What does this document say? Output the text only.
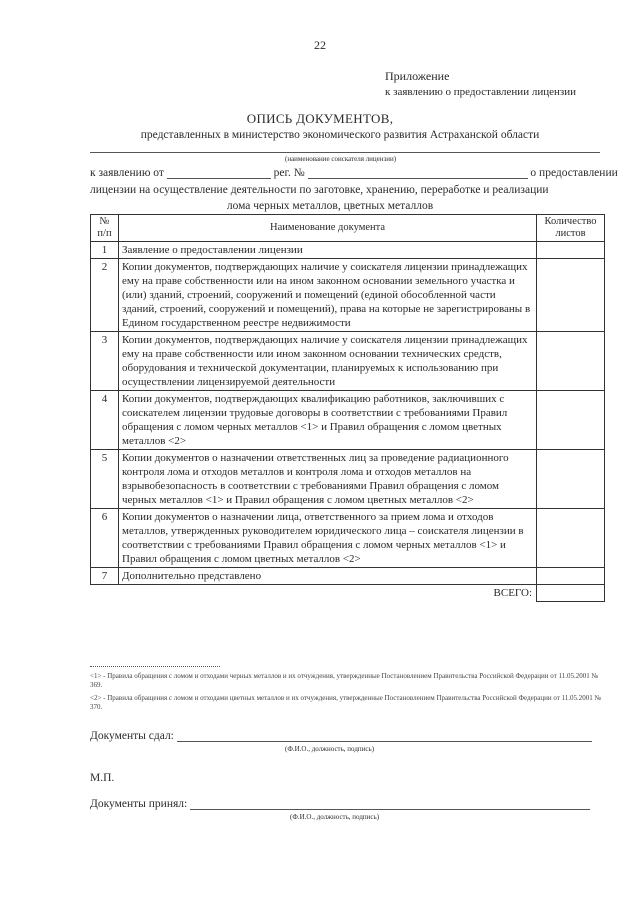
22
Приложение
к заявлению о предоставлении лицензии
ОПИСЬ ДОКУМЕНТОВ,
представленных в министерство экономического развития Астраханской области
(наименование соискателя лицензии)
к заявлению от	рег. №	о предоставлении
лицензии на осуществление деятельности по заготовке, хранению, переработке и реализации
лома черных металлов, цветных металлов
№ п/п	Наименование документа	Количество листов
1	Заявление о предоставлении лицензии	
2	Копии документов, подтверждающих наличие у соискателя лицензии принадлежащих ему на праве собственности или на ином законном основании земельного участка и (или) зданий, строений, сооружений и помещений (единой обособленной части зданий, строений, сооружений и помещений), права на которые не зарегистрированы в Едином государственном реестре недвижимости	
3	Копии документов, подтверждающих наличие у соискателя лицензии принадлежащих ему на праве собственности или ином законном основании технических средств, оборудования и технической документации, планируемых к использованию при осуществлении лицензируемой деятельности	
4	Копии документов, подтверждающих квалификацию работников, заключивших с соискателем лицензии трудовые договоры в соответствии с требованиями Правил обращения с ломом черных металлов <1> и Правил обращения с ломом цветных металлов <2>	
5	Копии документов о назначении ответственных лиц за проведение радиационного контроля лома и отходов металлов и контроля лома и отходов металлов на взрывобезопасность в соответствии с требованиями Правил обращения с ломом черных металлов <1> и Правил обращения с ломом цветных металлов <2>	
6	Копии документов о назначении лица, ответственного за прием лома и отходов металлов, утвержденных руководителем юридического лица – соискателя лицензии в соответствии с требованиями Правил обращения с ломом черных металлов <1> и Правил обращения с ломом цветных металлов <2>	
7	Дополнительно представлено	
	ВСЕГО:	
<1> - Правила обращения с ломом и отходами черных металлов и их отчуждения, утвержденные Постановлением Правительства Российской Федерации от 11.05.2001 № 369.
<2> - Правила обращения с ломом и отходами цветных металлов и их отчуждения, утвержденные Постановлением Правительства Российской Федерации от 11.05.2001 № 370.
Документы сдал:
(Ф.И.О., должность, подпись)
М.П.
Документы принял:
(Ф.И.О., должность, подпись)
